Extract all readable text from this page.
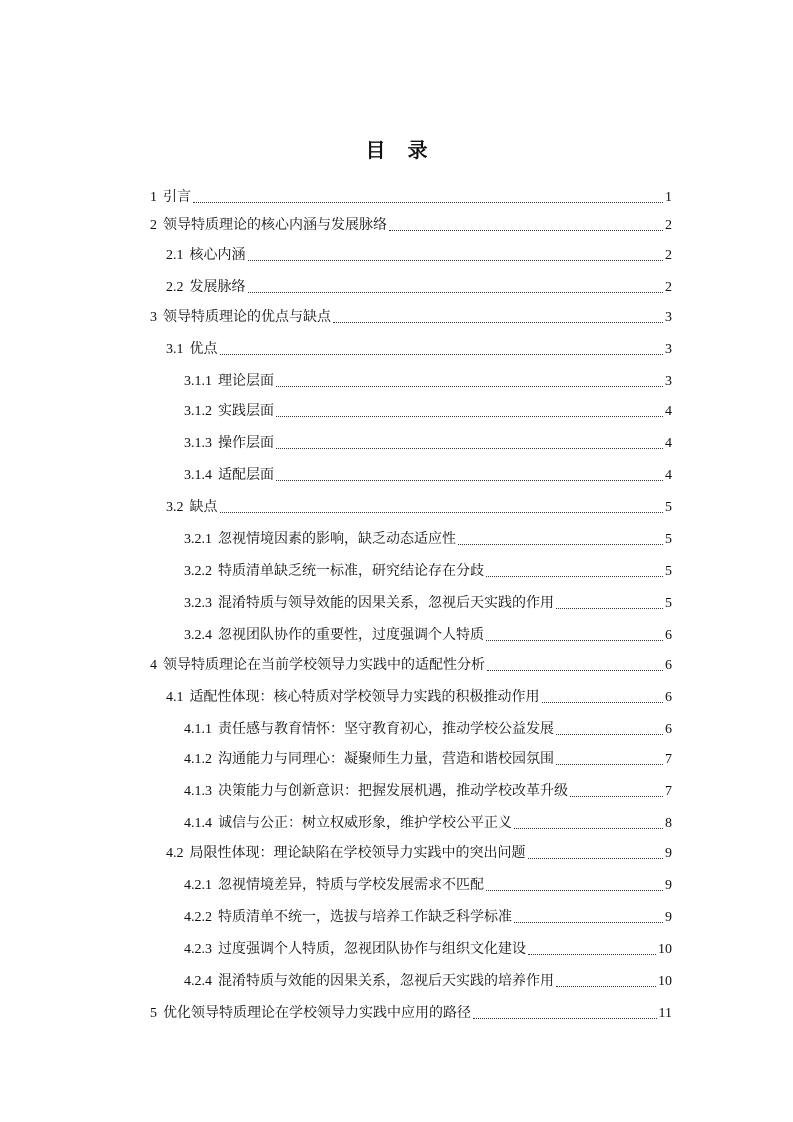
目 录
1 引言	1
2 领导特质理论的核心内涵与发展脉络	2
2.1 核心内涵	2
2.2 发展脉络	2
3 领导特质理论的优点与缺点	3
3.1 优点	3
3.1.1 理论层面	3
3.1.2 实践层面	4
3.1.3 操作层面	4
3.1.4 适配层面	4
3.2 缺点	5
3.2.1 忽视情境因素的影响，缺乏动态适应性	5
3.2.2 特质清单缺乏统一标准，研究结论存在分歧	5
3.2.3 混淆特质与领导效能的因果关系，忽视后天实践的作用	5
3.2.4 忽视团队协作的重要性，过度强调个人特质	6
4 领导特质理论在当前学校领导力实践中的适配性分析	6
4.1 适配性体现：核心特质对学校领导力实践的积极推动作用	6
4.1.1 责任感与教育情怀：坚守教育初心，推动学校公益发展	6
4.1.2 沟通能力与同理心：凝聚师生力量，营造和谐校园氛围	7
4.1.3 决策能力与创新意识：把握发展机遇，推动学校改革升级	7
4.1.4 诚信与公正：树立权威形象，维护学校公平正义	8
4.2 局限性体现：理论缺陷在学校领导力实践中的突出问题	9
4.2.1 忽视情境差异，特质与学校发展需求不匹配	9
4.2.2 特质清单不统一，选拔与培养工作缺乏科学标准	9
4.2.3 过度强调个人特质，忽视团队协作与组织文化建设	10
4.2.4 混淆特质与效能的因果关系，忽视后天实践的培养作用	10
5 优化领导特质理论在学校领导力实践中应用的路径	11
